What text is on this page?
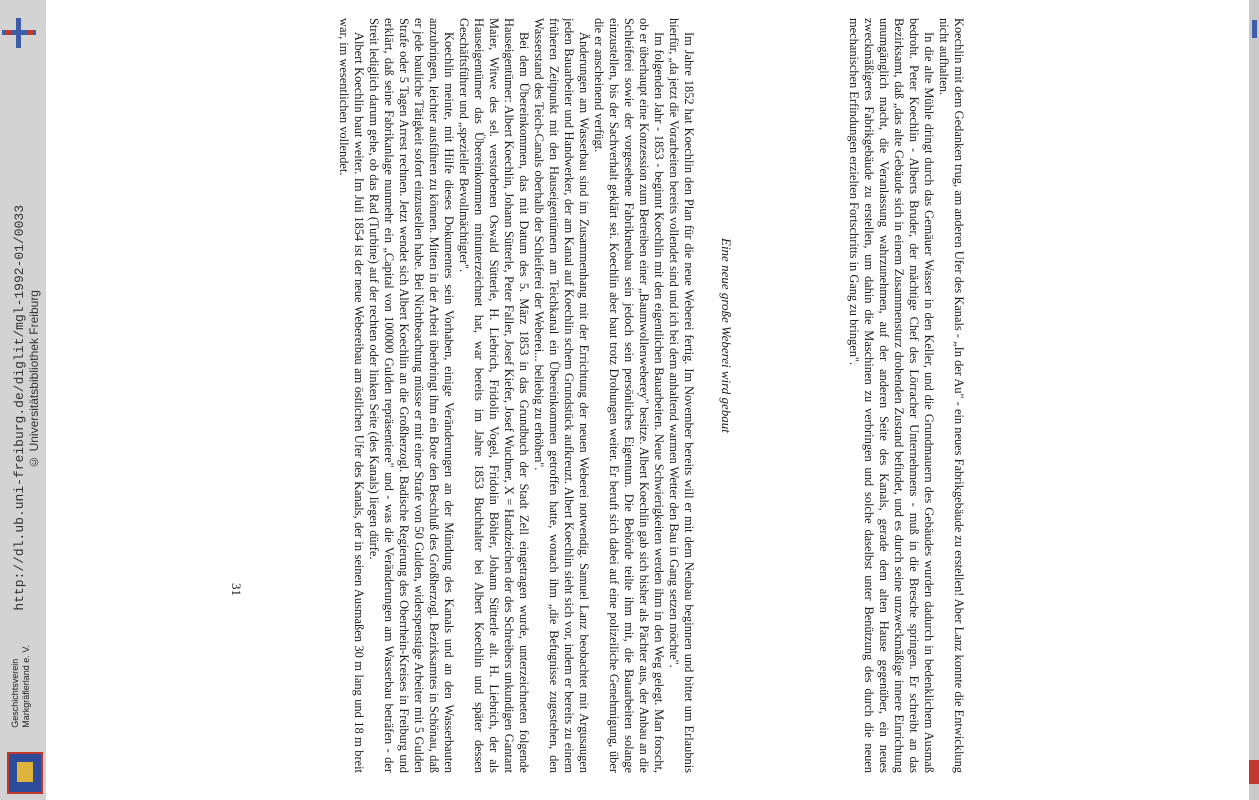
http://dl.ub.uni-freiburg.de/diglit/mgl-1992-01/0033 © Universitätsbibliothek Freiburg
Geschichtsverein
Markgräflerland e. V.	Koechlin mit dem Gedanken trug, am anderen Ufer des Kanals - „In der Au" - ein neues Fabrikgebäude zu erstellen! Aber Lanz konnte die Entwicklung nicht aufhalten.

In die alte Mühle dringt durch das Gemäuer Wasser in den Keller, und die Grundmauern des Gebäudes wurden dadurch in bedenklichem Ausmaß bedroht. Peter Koechlin - Alberts Bruder, der mächtige Chef des Lörracher Unternehmens - muß in die Bresche springen. Er schreibt an das Bezirksamt, daß „das alte Gebäude sich in einem Zusammensturz drohenden Zustand befindet, und es durch seine unzweckmäßige innere Einrichtung unumgänglich macht, die Veranlassung wahrzunehmen, auf der anderen Seite des Kanals, gerade dem alten Hause gegenüber, ein neues zweckmäßigeres Fabrikgebäude zu erstellen, um dahin die Maschinen zu verbringen und solche daselbst unter Benützung des durch die neuen mechanischen Erfindungen erzielten Fortschritts in Gang zu bringen".

Eine neue große Weberei wird gebaut

Im Jahre 1852 hat Koechlin den Plan für die neue Weberei fertig. Im November bereits will er mit dem Neubau beginnen und bittet um Erlaubnis hierfür, „da jetzt die Vorarbeiten bereits vollendet sind und ich bei dem anhaltend warmen Wetter den Bau in Gang setzen möchte".

Im folgenden Jahr - 1853 - beginnt Koechlin mit den eigentlichen Bauarbeiten. Neue Schwierigkeiten werden ihm in den Weg gelegt. Man forscht, ob er überhaupt eine Konzession zum Betreiben einer „Baumwollenweberey" besitze. Albert Koechlin gab sich bisher als Pächter aus, der Anbau an die Schleiferei sowie der vorgesehene Fabrikneubau sein jedoch sein persönliches Eigentum. Die Behörde teilte ihm mit, die Bauarbeiten solange einzustellen, bis der Sachverhalt geklärt sei. Koechlin aber baut trotz Drohungen weiter. Er beruft sich dabei auf eine polizeiliche Genehmigung, über die er anscheinend verfügt.

Änderungen am Wasserbau sind im Zusammenhang mit der Errichtung der neuen Weberei notwendig. Samuel Lanz beobachtet mit Argusaugen jeden Bauarbeiter und Handwerker, der am Kanal auf Koechlin schem Grundstück aufkreuzt. Albert Koechlin sieht sich vor, indem er bereits zu einem früheren Zeitpunkt mit den Hauseigentümern am Teichkanal ein Übereinkommen getroffen hatte, wonach ihm „die Befugnisse zugestehen, den Wasserstand des Teich-Canals oberhalb der Schleiferei der Weberei... beliebig zu erhöhen".

Bei dem Übereinkommen, das mit Datum des 5. März 1853 in das Grundbuch der Stadt Zell eingetragen wurde, unterzeichneten folgende Hauseigentümer: Albert Koechlin, Johann Sütterle, Peter Faller, Josef Kiefer, Josef Wuchner, X = Handzeichen der des Schreibers unkundigen Gantant Maier, Witwe des sel. verstorbenen Oswald Sütterle, H. Liebrich, Fridolin Vogel, Fridolin Böhler, Johann Sütterle alt. H. Liebrich, der als Hauseigentümer das Übereinkommen mitunterzeichnet hat, war bereits im Jahre 1853 Buchhalter bei Albert Koechlin und später dessen Geschäftsführer und „spezieller Bevollmächtigter".

Koechlin meinte, mit Hilfe dieses Dokumentes sein Vorhaben, einige Veränderungen an der Mündung des Kanals und an den Wasserbauten anzubringen, leichter ausführen zu können. Mitten in der Arbeit überbringt ihm ein Bote den Beschluß des Großherzogl. Bezirksamtes in Schönau, daß er jede bauliche Tätigkeit sofort einzustellen habe. Bei Nichtbeachtung müsse er mit einer Strafe von 50 Gulden, widerspenstige Arbeiter mit 5 Gulden Strafe oder 5 Tagen Arrest rechnen. Jetzt wendet sich Albert Koechlin an die Großherzogl. Badische Regierung des Oberrhein-Kreises in Freiburg und erklärt, daß seine Fabrikanlage nunmehr ein „Capital von 100000 Gulden repräsentiere" und - was die Veränderungen am Wasserbau beträfen - der Streit lediglich darum gehe, ob das Rad (Turbine) auf der rechten oder linken Seite (des Kanals) liegen dürfe.

Albert Koechlin baut weiter. Im Juli 1854 ist der neue Webereibau am östlichen Ufer des Kanals, der in seinen Ausmaßen 30 m lang und 18 m breit war, im wesentlichen vollendet.

31
